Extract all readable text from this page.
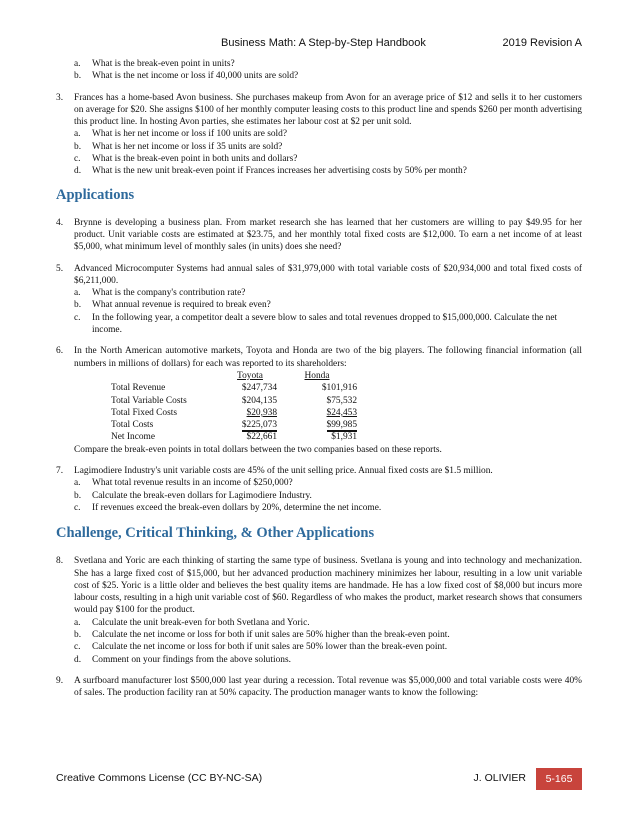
Business Math: A Step-by-Step Handbook	2019 Revision A
a.	What is the break-even point in units?
b.	What is the net income or loss if 40,000 units are sold?
3.	Frances has a home-based Avon business. She purchases makeup from Avon for an average price of $12 and sells it to her customers on average for $20. She assigns $100 of her monthly computer leasing costs to this product line and spends $260 per month advertising this product line. In hosting Avon parties, she estimates her labour cost at $2 per unit sold.
a.	What is her net income or loss if 100 units are sold?
b.	What is her net income or loss if 35 units are sold?
c.	What is the break-even point in both units and dollars?
d.	What is the new unit break-even point if Frances increases her advertising costs by 50% per month?
Applications
4.	Brynne is developing a business plan. From market research she has learned that her customers are willing to pay $49.95 for her product. Unit variable costs are estimated at $23.75, and her monthly total fixed costs are $12,000. To earn a net income of at least $5,000, what minimum level of monthly sales (in units) does she need?
5.	Advanced Microcomputer Systems had annual sales of $31,979,000 with total variable costs of $20,934,000 and total fixed costs of $6,211,000.
a.	What is the company's contribution rate?
b.	What annual revenue is required to break even?
c.	In the following year, a competitor dealt a severe blow to sales and total revenues dropped to $15,000,000. Calculate the net income.
6.	In the North American automotive markets, Toyota and Honda are two of the big players. The following financial information (all numbers in millions of dollars) for each was reported to its shareholders:
	Toyota	Honda
Total Revenue	$247,734	$101,916
Total Variable Costs	$204,135	$75,532
Total Fixed Costs	$20,938	$24,453
Total Costs	$225,073	$99,985
Net Income	$22,661	$1,931
Compare the break-even points in total dollars between the two companies based on these reports.
7.	Lagimodiere Industry's unit variable costs are 45% of the unit selling price. Annual fixed costs are $1.5 million.
a.	What total revenue results in an income of $250,000?
b.	Calculate the break-even dollars for Lagimodiere Industry.
c.	If revenues exceed the break-even dollars by 20%, determine the net income.
Challenge, Critical Thinking, & Other Applications
8.	Svetlana and Yoric are each thinking of starting the same type of business. Svetlana is young and into technology and mechanization. She has a large fixed cost of $15,000, but her advanced production machinery minimizes her labour, resulting in a low unit variable cost of $25. Yoric is a little older and believes the best quality items are handmade. He has a low fixed cost of $8,000 but incurs more labour costs, resulting in a high unit variable cost of $60. Regardless of who makes the product, market research shows that consumers would pay $100 for the product.
a.	Calculate the unit break-even for both Svetlana and Yoric.
b.	Calculate the net income or loss for both if unit sales are 50% higher than the break-even point.
c.	Calculate the net income or loss for both if unit sales are 50% lower than the break-even point.
d.	Comment on your findings from the above solutions.
9.	A surfboard manufacturer lost $500,000 last year during a recession. Total revenue was $5,000,000 and total variable costs were 40% of sales. The production facility ran at 50% capacity. The production manager wants to know the following:
Creative Commons License (CC BY-NC-SA)	J. OLIVIER	5-165
